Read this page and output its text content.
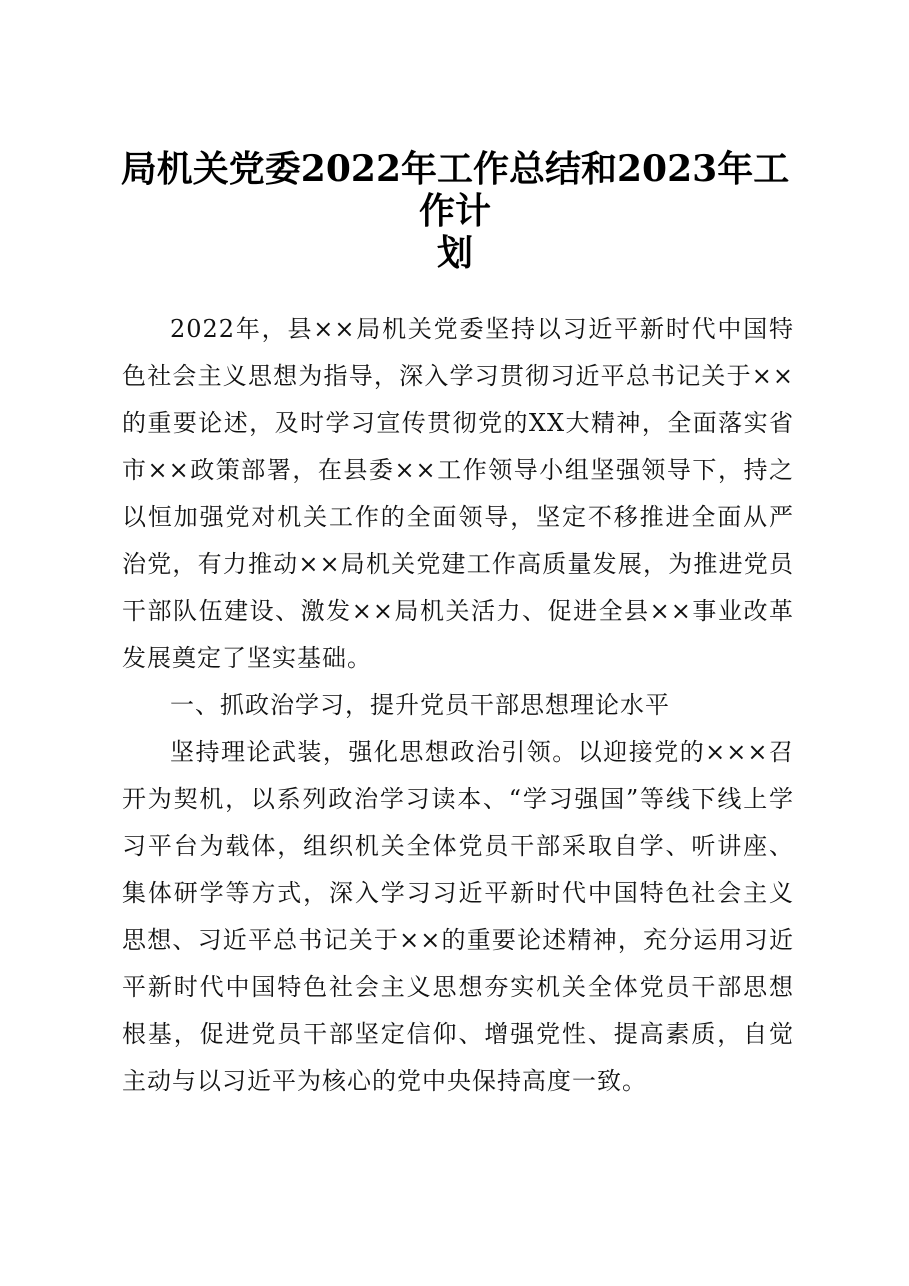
局机关党委2022年工作总结和2023年工作计
划

2022年，县××局机关党委坚持以习近平新时代中国特色社会主义思想为指导，深入学习贯彻习近平总书记关于××的重要论述，及时学习宣传贯彻党的XX大精神，全面落实省市××政策部署，在县委××工作领导小组坚强领导下，持之以恒加强党对机关工作的全面领导，坚定不移推进全面从严治党，有力推动××局机关党建工作高质量发展，为推进党员干部队伍建设、激发××局机关活力、促进全县××事业改革发展奠定了坚实基础。

一、抓政治学习，提升党员干部思想理论水平

坚持理论武装，强化思想政治引领。以迎接党的×××召开为契机，以系列政治学习读本、“学习强国”等线下线上学习平台为载体，组织机关全体党员干部采取自学、听讲座、集体研学等方式，深入学习习近平新时代中国特色社会主义思想、习近平总书记关于××的重要论述精神，充分运用习近平新时代中国特色社会主义思想夯实机关全体党员干部思想根基，促进党员干部坚定信仰、增强党性、提高素质，自觉主动与以习近平为核心的党中央保持高度一致。
